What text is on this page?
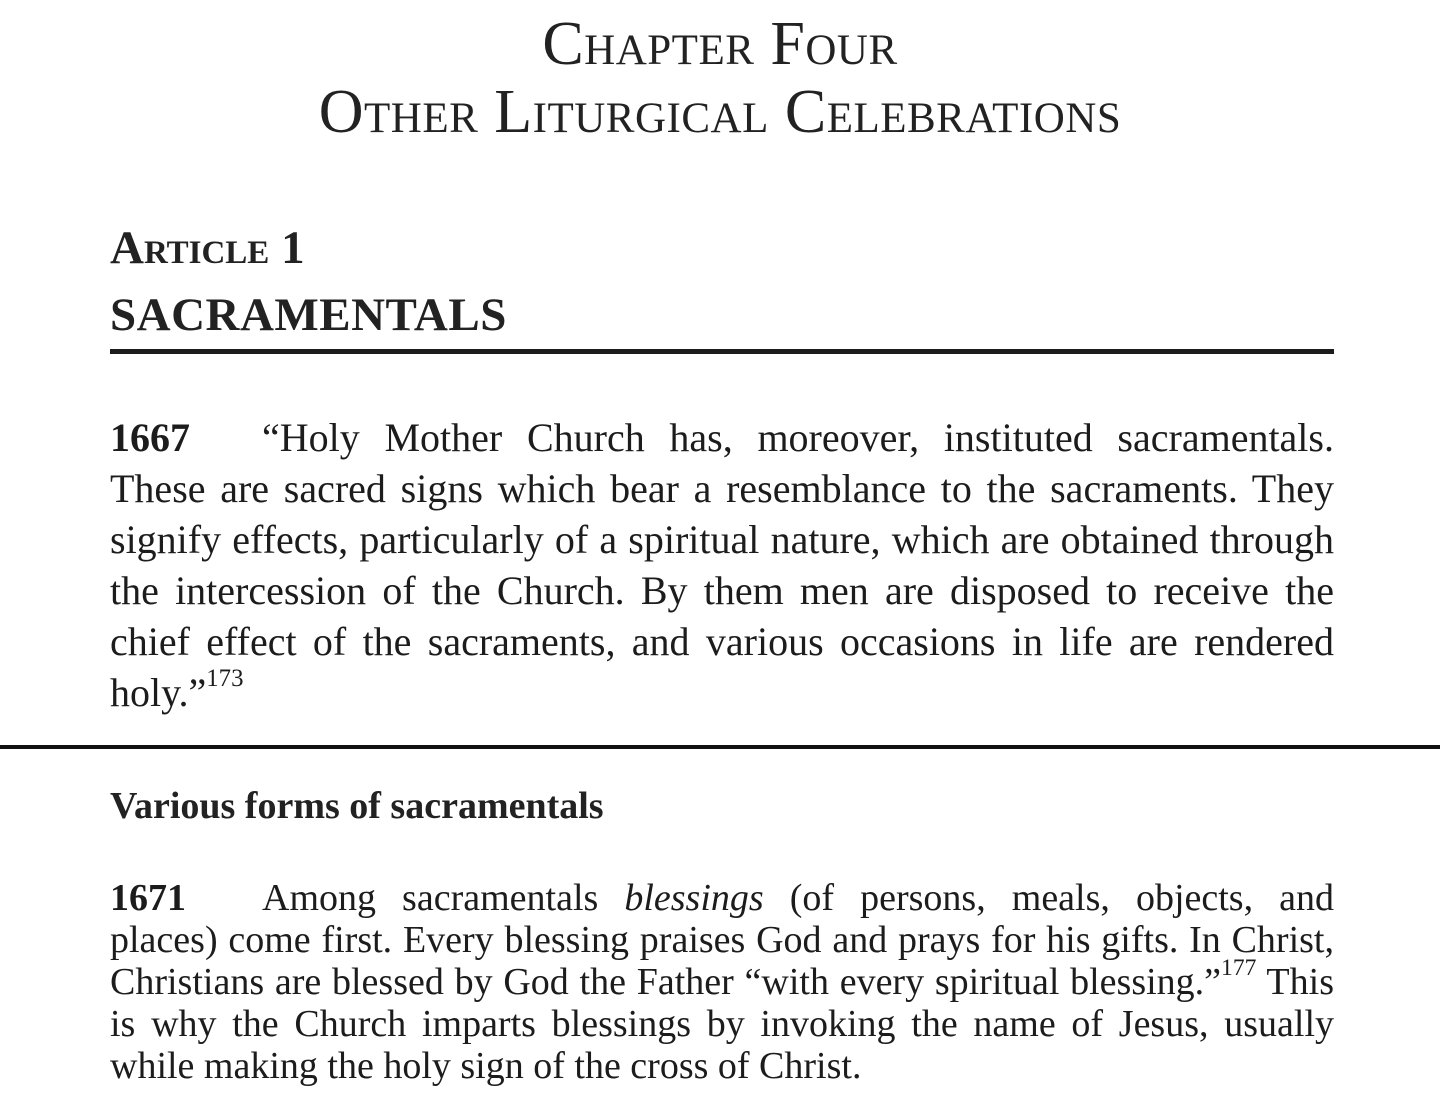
Chapter Four
Other Liturgical Celebrations
Article 1
SACRAMENTALS
1667 “Holy Mother Church has, moreover, instituted sacramentals. These are sacred signs which bear a resemblance to the sacraments. They signify effects, particularly of a spiritual nature, which are obtained through the intercession of the Church. By them men are disposed to receive the chief effect of the sacraments, and various occasions in life are rendered holy.”$^{173}$
Various forms of sacramentals
1671 Among sacramentals blessings (of persons, meals, objects, and places) come first. Every blessing praises God and prays for his gifts. In Christ, Christians are blessed by God the Father “with every spiritual blessing.”$^{177}$ This is why the Church imparts blessings by invoking the name of Jesus, usually while making the holy sign of the cross of Christ.
